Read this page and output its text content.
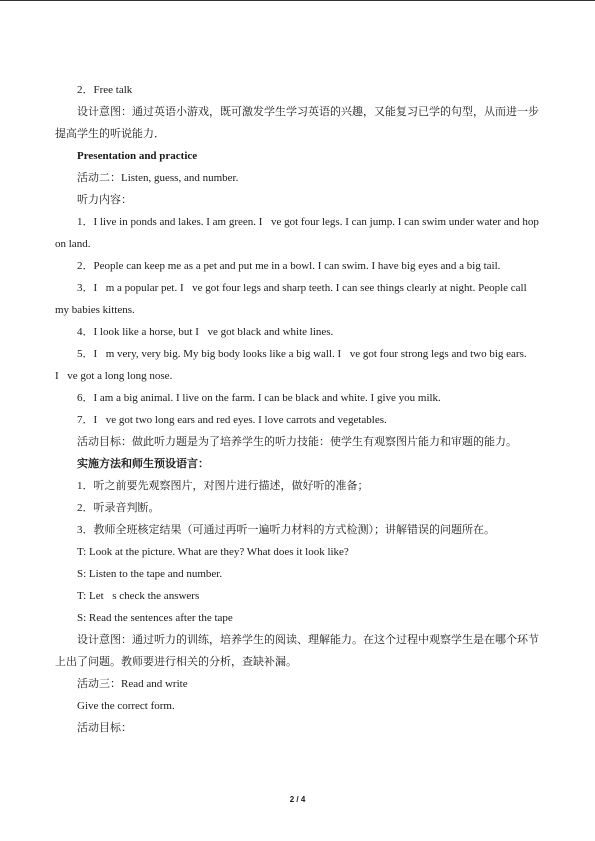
2．Free talk

设计意图：通过英语小游戏，既可激发学生学习英语的兴趣，又能复习已学的句型，从而进一步提高学生的听说能力．

Presentation and practice

活动二：Listen, guess, and number.

听力内容：

1．I live in ponds and lakes. I am green. I ve got four legs. I can jump. I can swim under water and hop on land.

2．People can keep me as a pet and put me in a bowl. I can swim. I have big eyes and a big tail.

3．I m a popular pet. I ve got four legs and sharp teeth. I can see things clearly at night. People call my babies kittens.

4．I look like a horse, but I ve got black and white lines.

5．I m very, very big. My big body looks like a big wall. I ve got four strong legs and two big ears. I ve got a long long nose.

6．I am a big animal. I live on the farm. I can be black and white. I give you milk.

7．I ve got two long ears and red eyes. I love carrots and vegetables.

活动目标：做此听力题是为了培养学生的听力技能：使学生有观察图片能力和审题的能力。

实施方法和师生预设语言：

1．听之前要先观察图片，对图片进行描述，做好听的准备；

2．听录音判断。

3．教师全班核定结果（可通过再听一遍听力材料的方式检测）；讲解错误的问题所在。

T: Look at the picture. What are they? What does it look like?

S: Listen to the tape and number.

T: Let s check the answers

S: Read the sentences after the tape

设计意图：通过听力的训练，培养学生的阅读、理解能力。在这个过程中观察学生是在哪个环节上出了问题。教师要进行相关的分析，查缺补漏。

活动三：Read and write

Give the correct form.

活动目标：

2 / 4
